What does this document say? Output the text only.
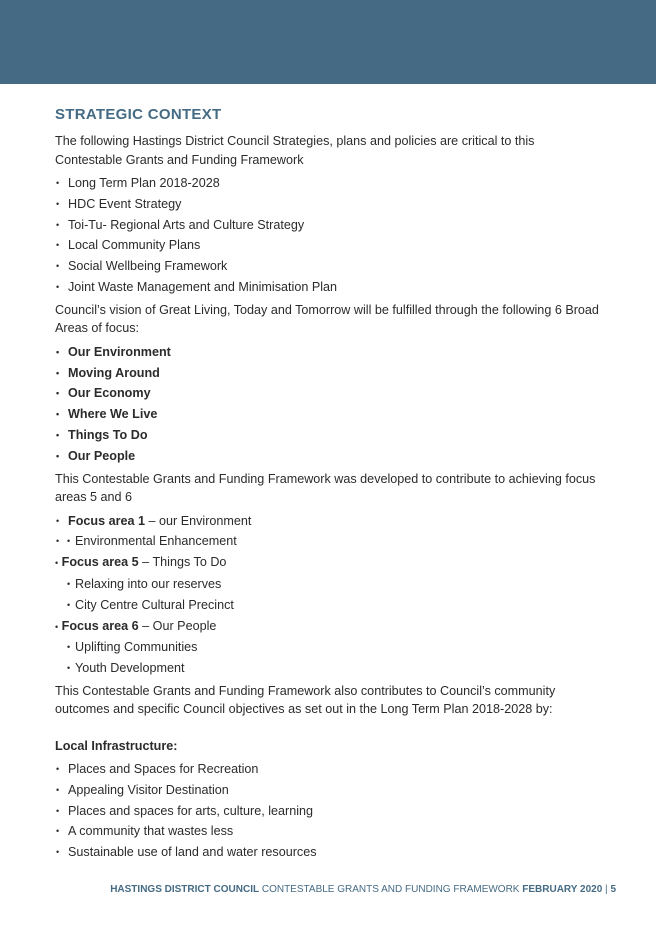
STRATEGIC CONTEXT

The following Hastings District Council Strategies, plans and policies are critical to this Contestable Grants and Funding Framework

• Long Term Plan 2018-2028
• HDC Event Strategy
• Toi-Tu- Regional Arts and Culture Strategy
• Local Community Plans
• Social Wellbeing Framework
• Joint Waste Management and Minimisation Plan

Council’s vision of Great Living, Today and Tomorrow will be fulfilled through the following 6 Broad Areas of focus:

• Our Environment
• Moving Around
• Our Economy
• Where We Live
• Things To Do
• Our People

This Contestable Grants and Funding Framework was developed to contribute to achieving focus areas 5 and 6

• Focus area 1 – our Environment
• • Environmental Enhancement
• Focus area 5 – Things To Do
• Relaxing into our reserves
• City Centre Cultural Precinct
• Focus area 6 – Our People
• Uplifting Communities
• Youth Development

This Contestable Grants and Funding Framework also contributes to Council’s community outcomes and specific Council objectives as set out in the Long Term Plan 2018-2028 by:

Local Infrastructure:
• Places and Spaces for Recreation
• Appealing Visitor Destination
• Places and spaces for arts, culture, learning
• A community that wastes less
• Sustainable use of land and water resources
HASTINGS DISTRICT COUNCIL CONTESTABLE GRANTS AND FUNDING FRAMEWORK FEBRUARY 2020 | 5
